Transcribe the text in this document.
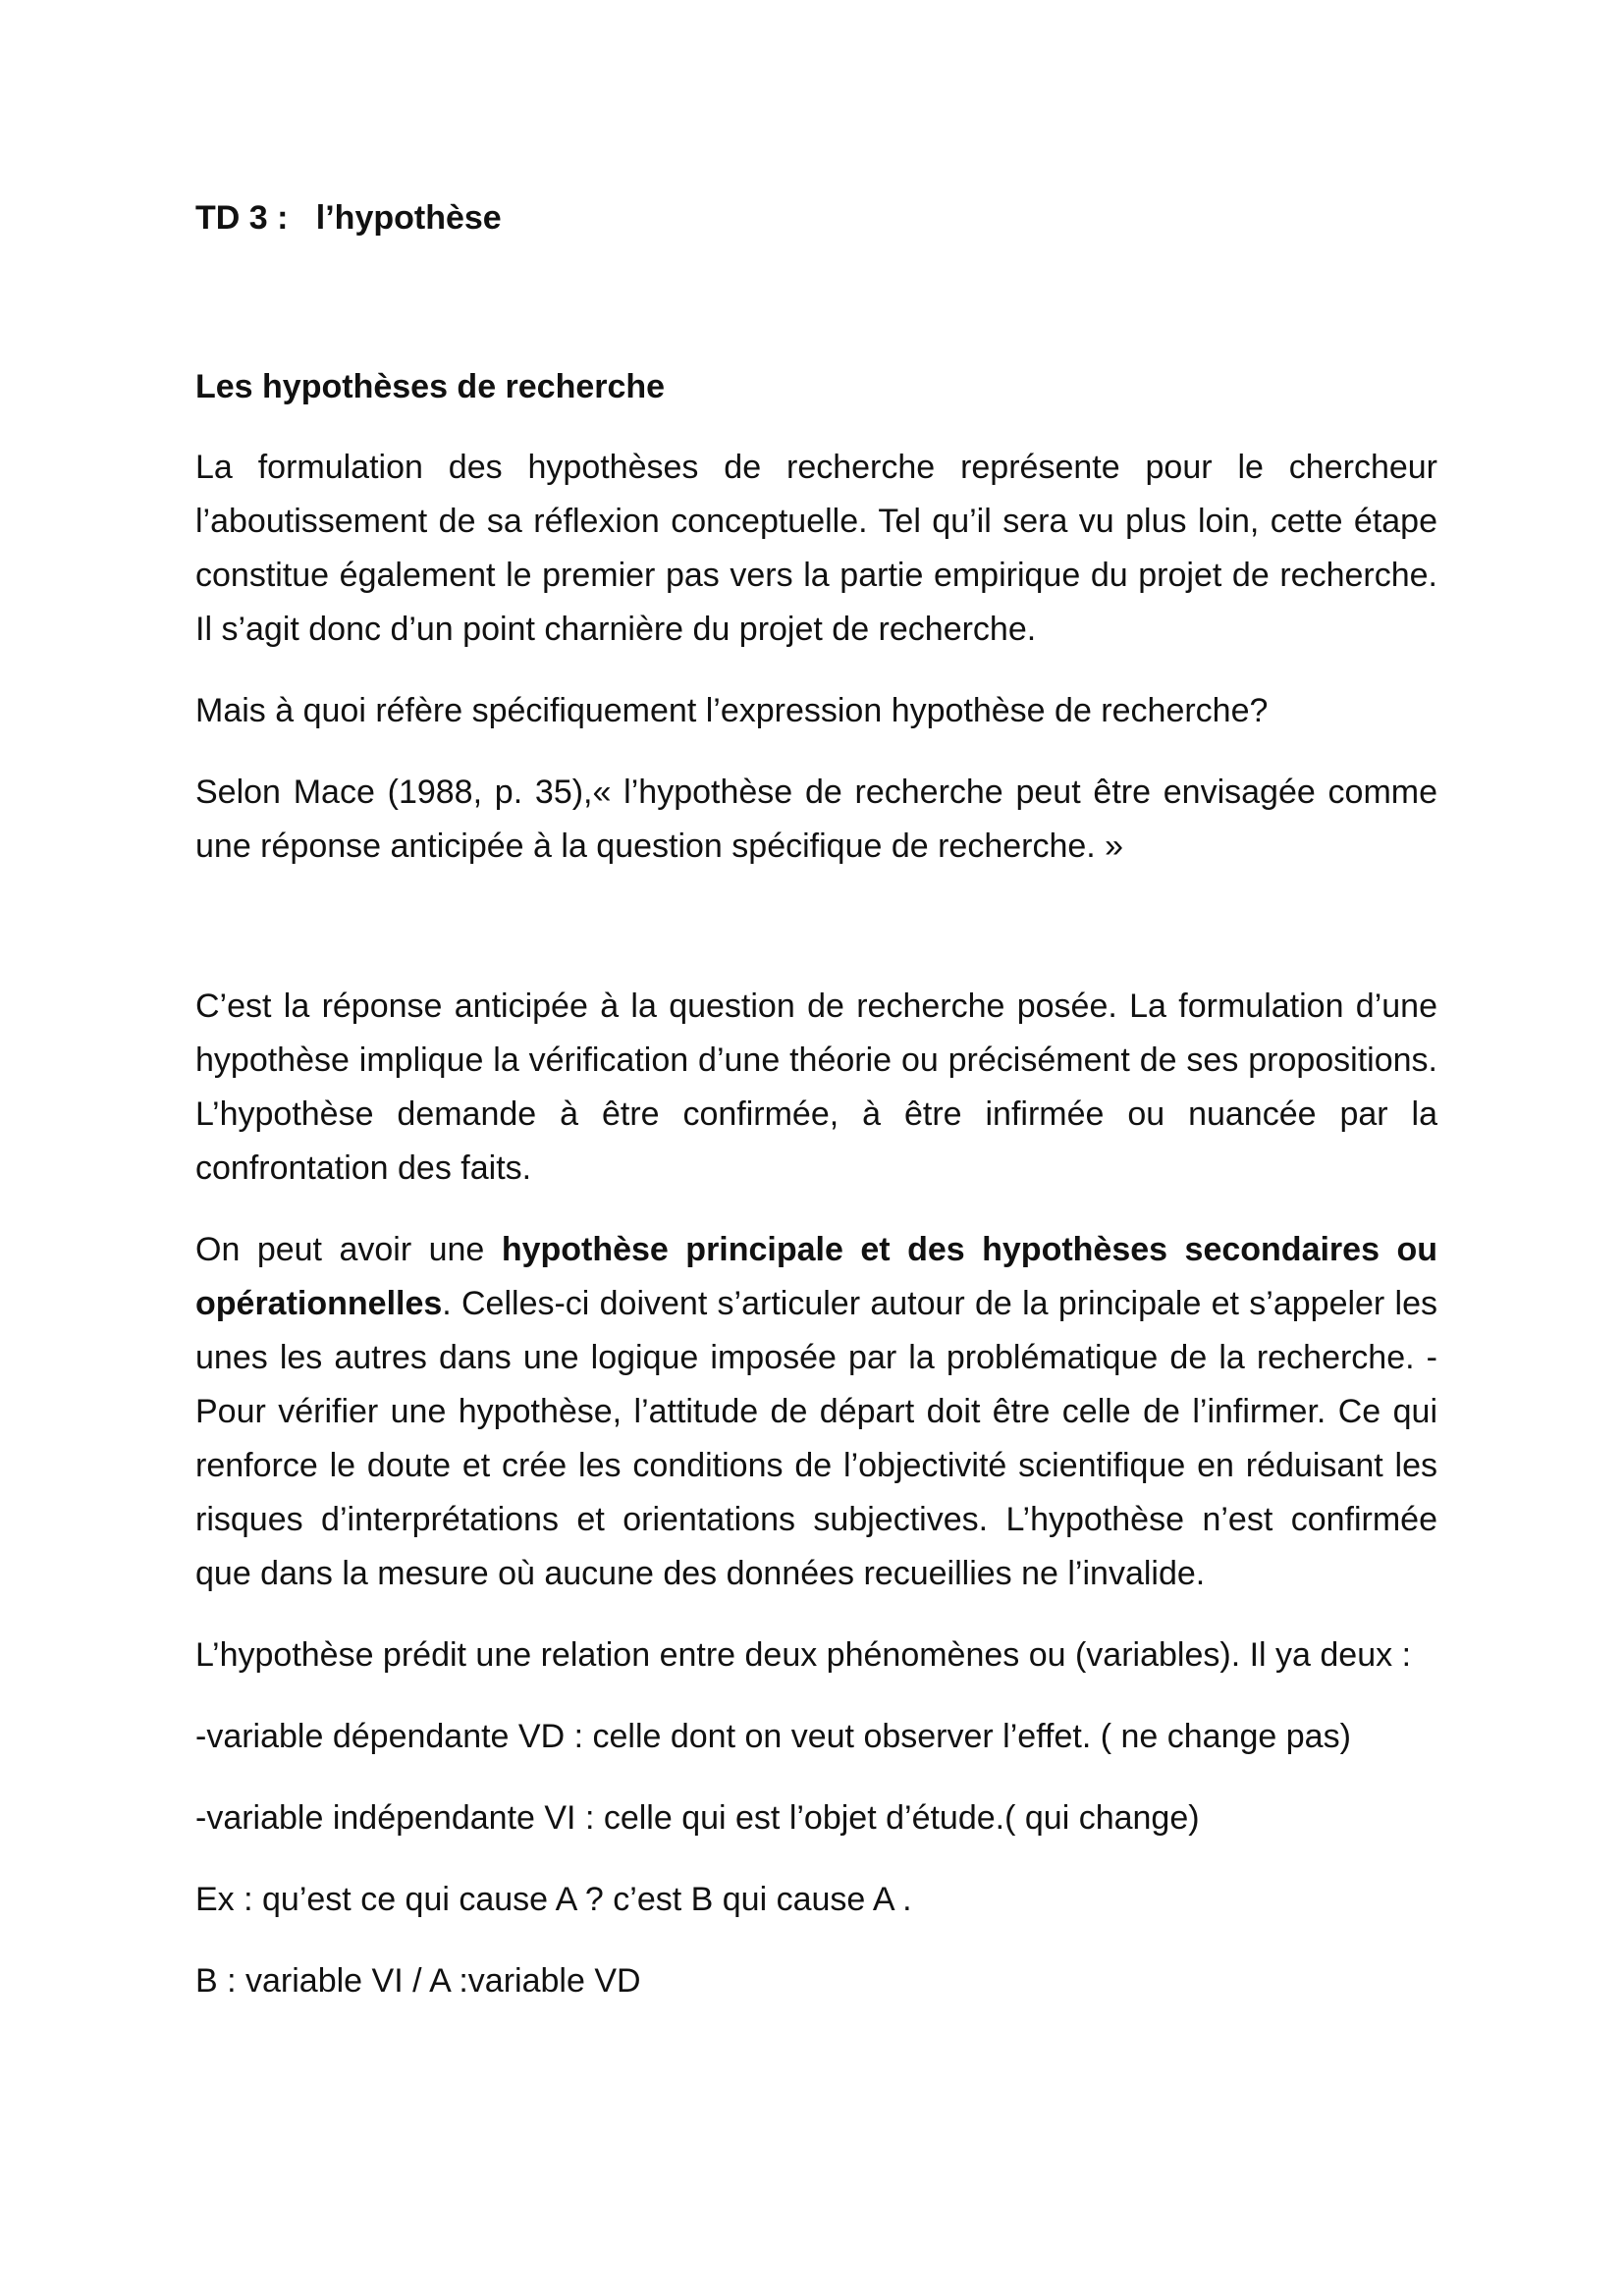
TD 3 :   l’hypothèse
Les hypothèses de recherche

La formulation des hypothèses de recherche représente pour le chercheur l’aboutissement de sa réflexion conceptuelle. Tel qu’il sera vu plus loin, cette étape constitue également le premier pas vers la partie empirique du projet de recherche. Il s’agit donc d’un point charnière du projet de recherche.

Mais à quoi réfère spécifiquement l’expression hypothèse de recherche?

Selon Mace (1988, p. 35),« l’hypothèse de recherche peut être envisagée comme une réponse anticipée à la question spécifique de recherche. »

C’est la réponse anticipée à la question de recherche posée. La formulation d’une hypothèse implique la vérification d’une théorie ou précisément de ses propositions. L’hypothèse demande à être confirmée, à être infirmée ou nuancée par la confrontation des faits.

On peut avoir une hypothèse principale et des hypothèses secondaires ou opérationnelles. Celles-ci doivent s’articuler autour de la principale et s’appeler les unes les autres dans une logique imposée par la problématique de la recherche. - Pour vérifier une hypothèse, l’attitude de départ doit être celle de l’infirmer. Ce qui renforce le doute et crée les conditions de l’objectivité scientifique en réduisant les risques d’interprétations et orientations subjectives. L’hypothèse n’est confirmée que dans la mesure où aucune des données recueillies ne l’invalide.

L’hypothèse prédit une relation entre deux phénomènes ou (variables). Il ya deux :

-variable dépendante VD : celle dont on veut observer l’effet. ( ne change pas)

-variable indépendante VI : celle qui est l’objet d’étude.( qui change)

Ex : qu’est ce qui cause A ? c’est B qui cause A .

B : variable VI / A :variable VD
